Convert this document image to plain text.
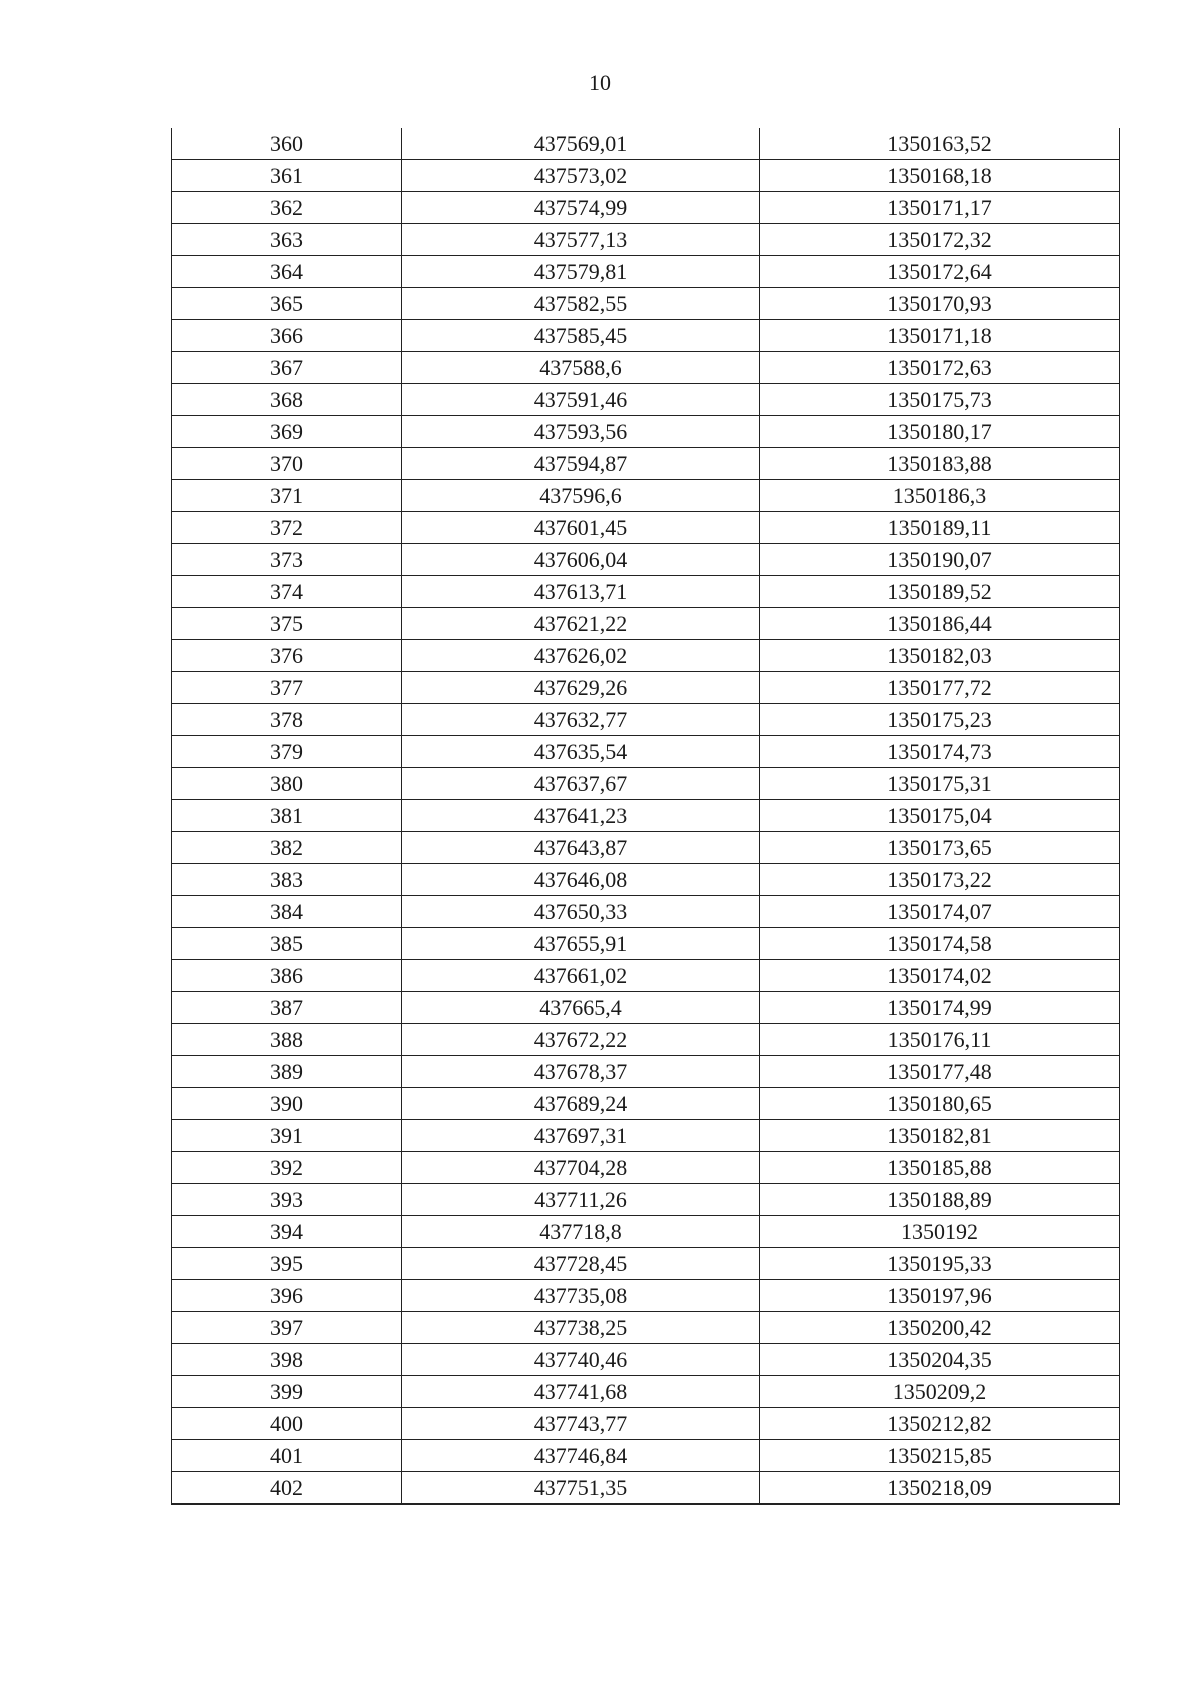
10
360	437569,01	1350163,52
361	437573,02	1350168,18
362	437574,99	1350171,17
363	437577,13	1350172,32
364	437579,81	1350172,64
365	437582,55	1350170,93
366	437585,45	1350171,18
367	437588,6	1350172,63
368	437591,46	1350175,73
369	437593,56	1350180,17
370	437594,87	1350183,88
371	437596,6	1350186,3
372	437601,45	1350189,11
373	437606,04	1350190,07
374	437613,71	1350189,52
375	437621,22	1350186,44
376	437626,02	1350182,03
377	437629,26	1350177,72
378	437632,77	1350175,23
379	437635,54	1350174,73
380	437637,67	1350175,31
381	437641,23	1350175,04
382	437643,87	1350173,65
383	437646,08	1350173,22
384	437650,33	1350174,07
385	437655,91	1350174,58
386	437661,02	1350174,02
387	437665,4	1350174,99
388	437672,22	1350176,11
389	437678,37	1350177,48
390	437689,24	1350180,65
391	437697,31	1350182,81
392	437704,28	1350185,88
393	437711,26	1350188,89
394	437718,8	1350192
395	437728,45	1350195,33
396	437735,08	1350197,96
397	437738,25	1350200,42
398	437740,46	1350204,35
399	437741,68	1350209,2
400	437743,77	1350212,82
401	437746,84	1350215,85
402	437751,35	1350218,09
